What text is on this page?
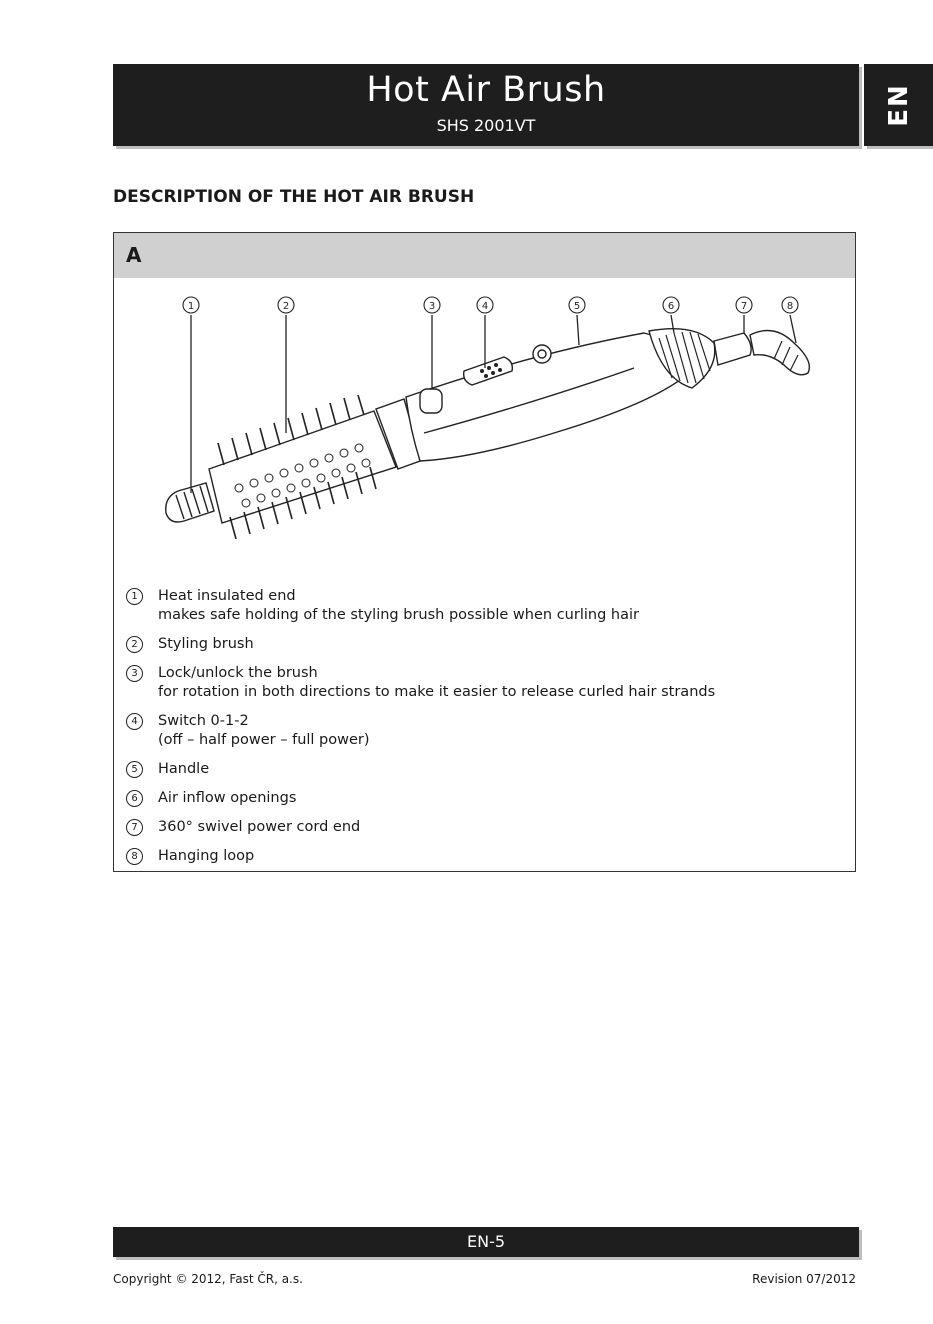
Hot Air Brush
SHS 2001VT	EN
DESCRIPTION OF THE HOT AIR BRUSH
A
1	2	3	4	5	6	7	8
1	Heat insulated end
makes safe holding of the styling brush possible when curling hair
2	Styling brush
3	Lock/unlock the brush
for rotation in both directions to make it easier to release curled hair strands
4	Switch 0-1-2
(off – half power – full power)
5	Handle
6	Air inflow openings
7	360° swivel power cord end
8	Hanging loop
EN-5
Copyright © 2012, Fast ČR, a.s.	Revision 07/2012
